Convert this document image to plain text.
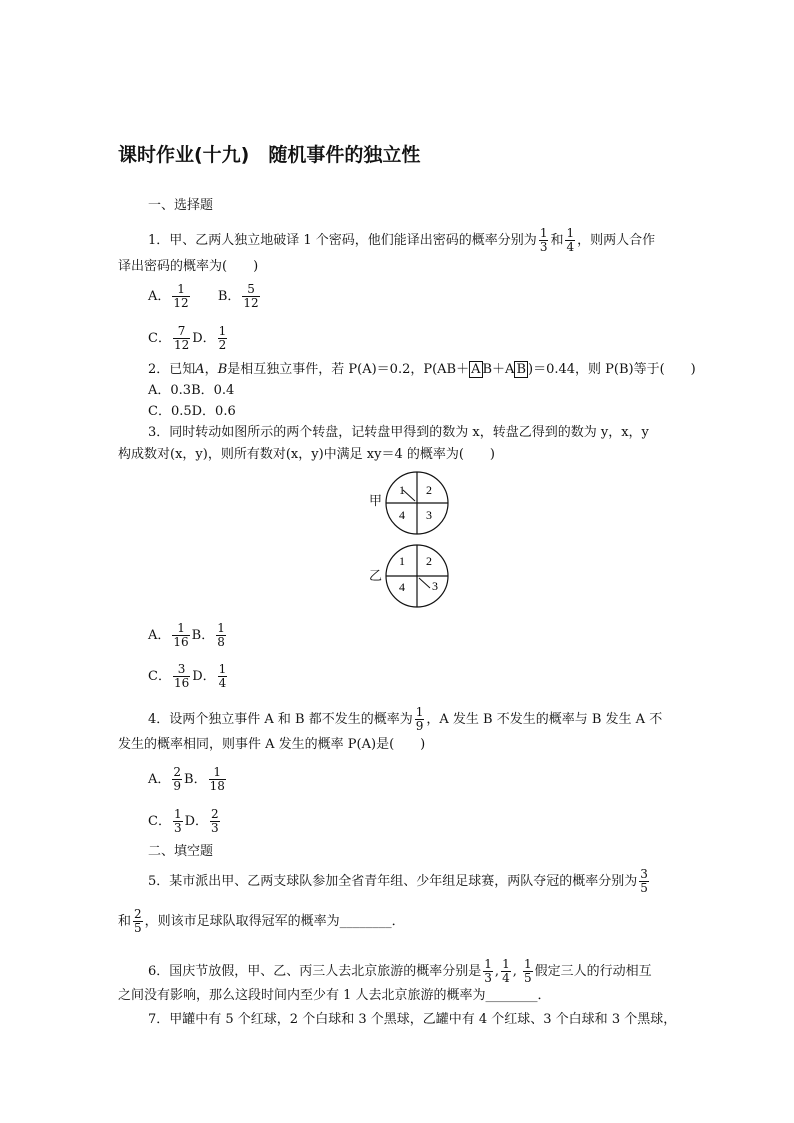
课时作业(十九)　随机事件的独立性
一、选择题
1．甲、乙两人独立地破译 1 个密码，他们能译出密码的概率分别为 $\frac{1}{3}$ 和 $\frac{1}{4}$ ，则两人合作
译出密码的概率为(　　)
A． $\frac{1}{12}$ B． $\frac{5}{12}$
C． $\frac{7}{12}$ D． $\frac{1}{2}$
2．已知A，B是相互独立事件，若 P(A)＝0.2，$P(AB+ \overline{A}$ B＋A $\overline{B}$ )＝0.44，则 P(B)等于(　　)
A．0.3B．0.4
C．0.5D．0.6
3．同时转动如图所示的两个转盘，记转盘甲得到的数为 x，转盘乙得到的数为 y，x，y
构成数对(x，y)，则所有数对(x，y)中满足 xy＝4 的概率为(　　)
甲
1 2
4 3
乙
1 2
4 3
A． $\frac{1}{16}$ B． $\frac{1}{8}$
C． $\frac{3}{16}$ D． $\frac{1}{4}$
4．设两个独立事件 A 和 B 都不发生的概率为 $\frac{1}{9}$ ，A 发生 B 不发生的概率与 B 发生 A 不
发生的概率相同，则事件 A 发生的概率 P(A)是(　　)
A． $\frac{2}{9}$ B． $\frac{1}{18}$
C． $\frac{1}{3}$ D． $\frac{2}{3}$
二、填空题
5．某市派出甲、乙两支球队参加全省青年组、少年组足球赛，两队夺冠的概率分别为 $\frac{3}{5}$
和 $\frac{2}{5}$ ，则该市足球队取得冠军的概率为________．
6．国庆节放假，甲、乙、丙三人去北京旅游的概率分别是 $\frac{1}{3}$ , $\frac{1}{4}$ , $\frac{1}{5}$ 假定三人的行动相互
之间没有影响，那么这段时间内至少有 1 人去北京旅游的概率为________．
7．甲罐中有 5 个红球，2 个白球和 3 个黑球，乙罐中有 4 个红球、3 个白球和 3 个黑球，
